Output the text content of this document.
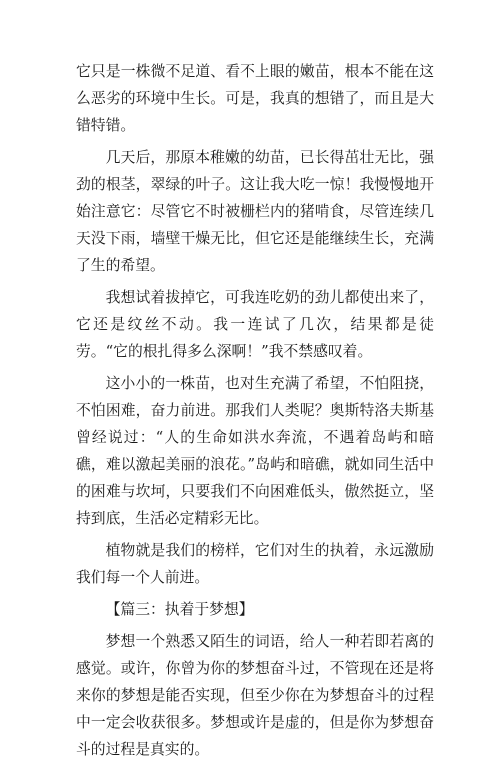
它只是一株微不足道、看不上眼的嫩苗，根本不能在这么恶劣的环境中生长。可是，我真的想错了，而且是大错特错。

几天后，那原本稚嫩的幼苗，已长得茁壮无比，强劲的根茎，翠绿的叶子。这让我大吃一惊！我慢慢地开始注意它：尽管它不时被栅栏内的猪啃食，尽管连续几天没下雨，墙壁干燥无比，但它还是能继续生长，充满了生的希望。

我想试着拔掉它，可我连吃奶的劲儿都使出来了，它还是纹丝不动。我一连试了几次，结果都是徒劳。“它的根扎得多么深啊！”我不禁感叹着。

这小小的一株苗，也对生充满了希望，不怕阻挠，不怕困难，奋力前进。那我们人类呢？奥斯特洛夫斯基曾经说过：“人的生命如洪水奔流，不遇着岛屿和暗礁，难以激起美丽的浪花。”岛屿和暗礁，就如同生活中的困难与坎坷，只要我们不向困难低头，傲然挺立，坚持到底，生活必定精彩无比。

植物就是我们的榜样，它们对生的执着，永远激励我们每一个人前进。

【篇三：执着于梦想】

梦想一个熟悉又陌生的词语，给人一种若即若离的感觉。或许，你曾为你的梦想奋斗过，不管现在还是将来你的梦想是能否实现，但至少你在为梦想奋斗的过程中一定会收获很多。梦想或许是虚的，但是你为梦想奋斗的过程是真实的。
